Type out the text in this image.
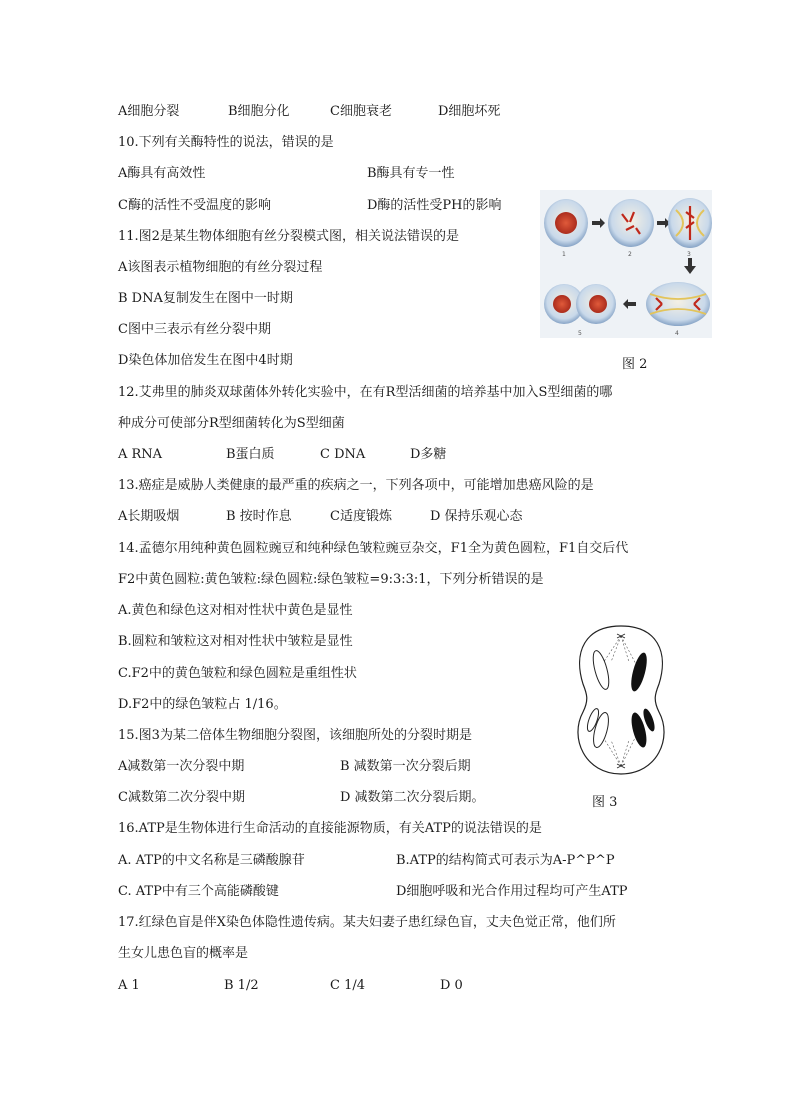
A细胞分裂	B细胞分化	C细胞衰老	D细胞坏死
10.下列有关酶特性的说法，错误的是
A酶具有高效性	B酶具有专一性
C酶的活性不受温度的影响	D酶的活性受PH的影响
11.图2是某生物体细胞有丝分裂模式图，相关说法错误的是
A该图表示植物细胞的有丝分裂过程
B DNA复制发生在图中一时期
C图中三表示有丝分裂中期
D染色体加倍发生在图中4时期	图 2
1	2	3
4
5
12.艾弗里的肺炎双球菌体外转化实验中，在有R型活细菌的培养基中加入S型细菌的哪
种成分可使部分R型细菌转化为S型细菌
A RNA	B蛋白质	C DNA	D多糖
13.癌症是威胁人类健康的最严重的疾病之一，下列各项中，可能增加患癌风险的是
A长期吸烟	B 按时作息	C适度锻炼	D 保持乐观心态
14.孟德尔用纯种黄色圆粒豌豆和纯种绿色皱粒豌豆杂交，F1全为黄色圆粒，F1自交后代
F2中黄色圆粒:黄色皱粒:绿色圆粒:绿色皱粒=9:3:3:1，下列分析错误的是
A.黄色和绿色这对相对性状中黄色是显性
B.圆粒和皱粒这对相对性状中皱粒是显性
C.F2中的黄色皱粒和绿色圆粒是重组性状
D.F2中的绿色皱粒占 1/16。
15.图3为某二倍体生物细胞分裂图，该细胞所处的分裂时期是
A减数第一次分裂中期	B 减数第一次分裂后期
C减数第二次分裂中期	D 减数第二次分裂后期。	图 3
16.ATP是生物体进行生命活动的直接能源物质，有关ATP的说法错误的是
A. ATP的中文名称是三磷酸腺苷	B.ATP的结构简式可表示为A-P^P^P
C. ATP中有三个高能磷酸键	D细胞呼吸和光合作用过程均可产生ATP
17.红绿色盲是伴X染色体隐性遗传病。某夫妇妻子患红绿色盲，丈夫色觉正常，他们所
生女儿患色盲的概率是
A 1	B 1/2	C 1/4	D 0
